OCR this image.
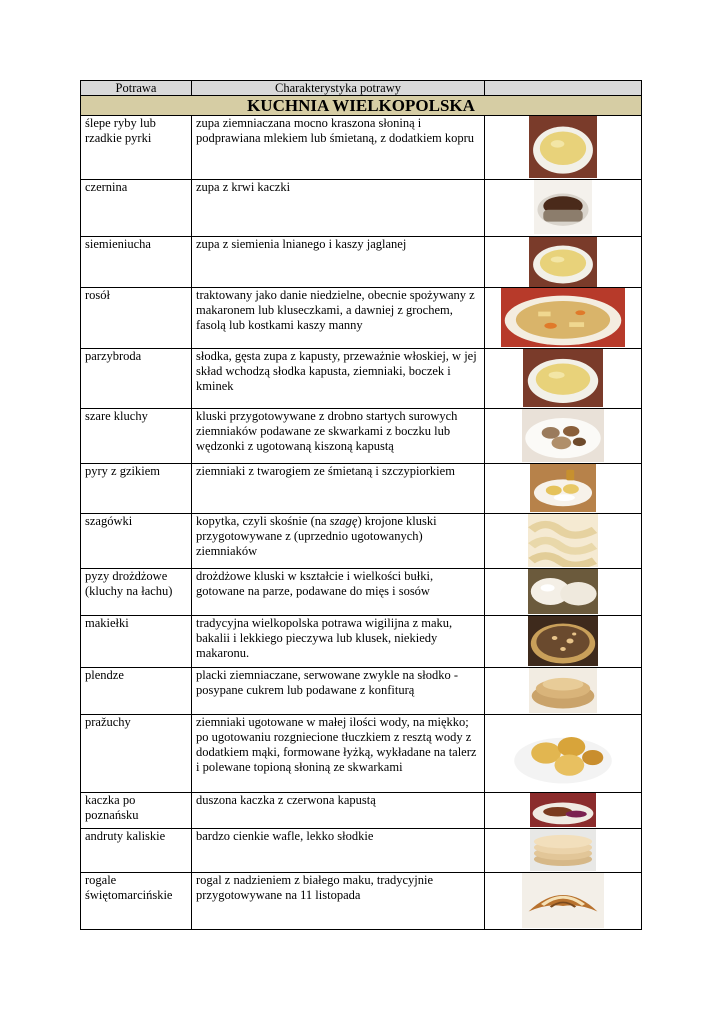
Potrawa	Charakterystyka potrawy	
KUCHNIA WIELKOPOLSKA		
ślepe ryby lub rzadkie pyrki	zupa ziemniaczana mocno kraszona słoniną i podprawiana mlekiem lub śmietaną, z dodatkiem kopru	

czernina	zupa z krwi kaczki	

siemieniucha	zupa z siemienia lnianego i kaszy jaglanej	

rosół	traktowany jako danie niedzielne, obecnie spożywany z makaronem lub kluseczkami, a dawniej z grochem, fasolą lub kostkami kaszy manny	

parzybroda	słodka, gęsta zupa z kapusty, przeważnie włoskiej, w jej skład wchodzą słodka kapusta, ziemniaki, boczek i kminek	

szare kluchy	kluski przygotowywane z drobno startych surowych ziemniaków podawane ze skwarkami z boczku lub wędzonki z ugotowaną kiszoną kapustą	

pyry z gzikiem	ziemniaki z twarogiem ze śmietaną i szczypiorkiem	

szagówki	kopytka, czyli skośnie (na szagę) krojone kluski przygotowywane z (uprzednio ugotowanych) ziemniaków	

pyzy drożdżowe (kluchy na łachu)	drożdżowe kluski w kształcie i wielkości bułki, gotowane na parze, podawane do mięs i sosów	

makiełki	tradycyjna wielkopolska potrawa wigilijna z maku, bakalii i lekkiego pieczywa lub klusek, niekiedy makaronu.	

plendze	placki ziemniaczane, serwowane zwykle na słodko - posypane cukrem lub podawane z konfiturą	

pražuchy	ziemniaki ugotowane w małej ilości wody, na miękko; po ugotowaniu rozgniecione tłuczkiem z resztą wody z dodatkiem mąki, formowane łyżką, wykładane na talerz i polewane topioną słoniną ze skwarkami	

kaczka po poznańsku	duszona kaczka z czerwona kapustą	

andruty kaliskie	bardzo cienkie wafle, lekko słodkie	

rogale świętomarcińskie	rogal z nadzieniem z białego maku, tradycyjnie przygotowywane na 11 listopada	
